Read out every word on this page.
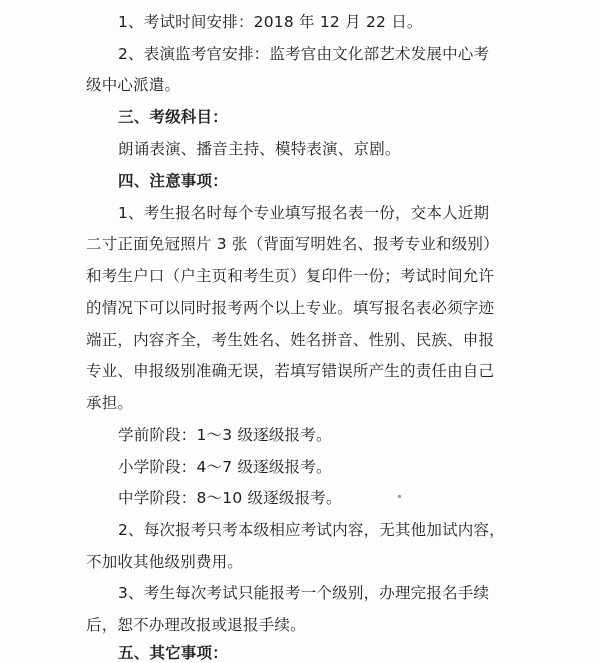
1、考试时间安排：2018 年 12 月 22 日。
2、表演监考官安排：监考官由文化部艺术发展中心考
级中心派遣。
三、考级科目：
朗诵表演、播音主持、模特表演、京剧。
四、注意事项：
1、考生报名时每个专业填写报名表一份，交本人近期
二寸正面免冠照片 3 张（背面写明姓名、报考专业和级别）
和考生户口（户主页和考生页）复印件一份；考试时间允许
的情况下可以同时报考两个以上专业。填写报名表必须字迹
端正，内容齐全，考生姓名、姓名拼音、性别、民族、申报
专业、申报级别准确无误，若填写错误所产生的责任由自己
承担。
学前阶段：1～3 级逐级报考。
小学阶段：4～7 级逐级报考。
中学阶段：8～10 级逐级报考。
2、每次报考只考本级相应考试内容，无其他加试内容，
不加收其他级别费用。
3、考生每次考试只能报考一个级别，办理完报名手续
后，恕不办理改报或退报手续。
五、其它事项：
